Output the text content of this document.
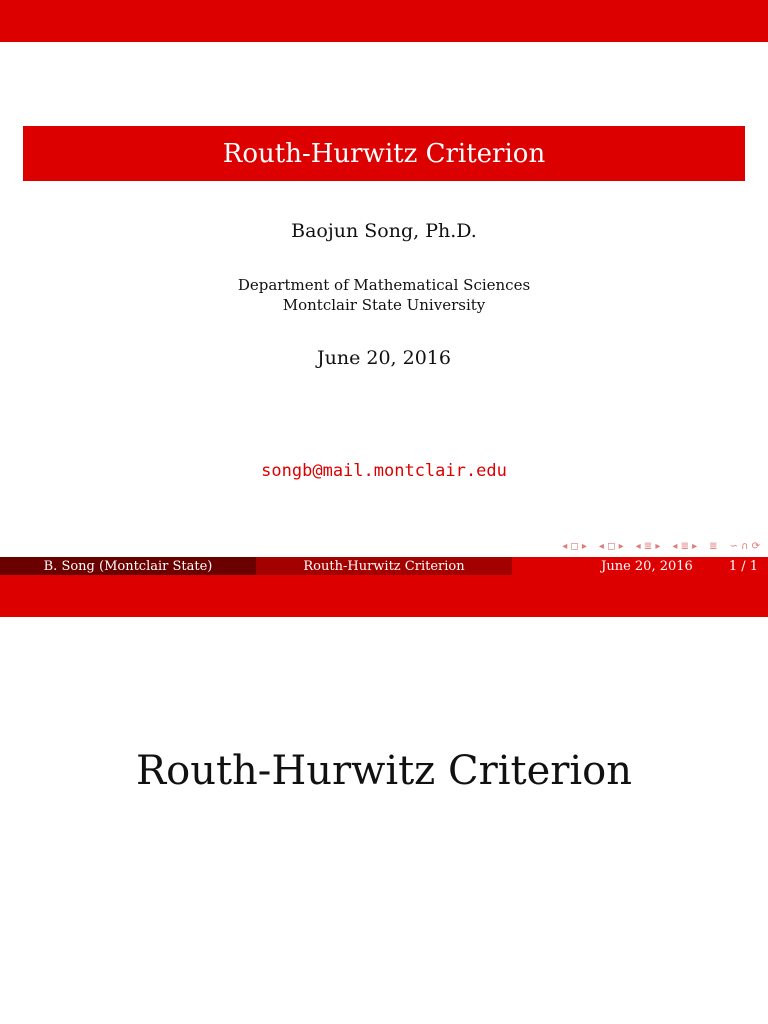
Routh-Hurwitz Criterion
Baojun Song, Ph.D.
Department of Mathematical Sciences
Montclair State University
June 20, 2016
songb@mail.montclair.edu
◂ ◻ ▸ ◂ ◻ ▸ ◂ ≣ ▸ ◂ ≣ ▸ ≣ ∽ ∩ ⟳
B. Song (Montclair State)	Routh-Hurwitz Criterion	June 20, 2016	1 / 1
Routh-Hurwitz Criterion
